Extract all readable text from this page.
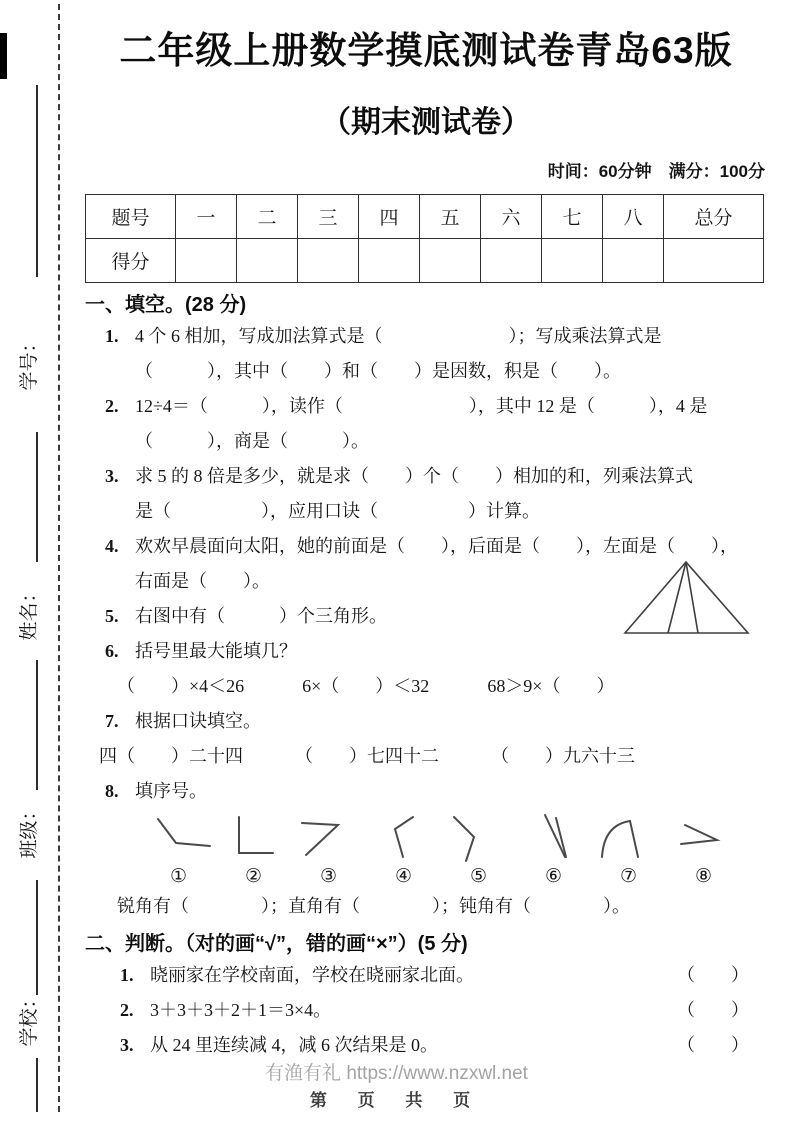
学号：
姓名：
班级：
学校：
二年级上册数学摸底测试卷青岛63版
（期末测试卷）
时间：60分钟　满分：100分
题号	一	二	三	四	五	六	七	八	总分
得分									
一、填空。(28 分)
1. 4 个 6 相加，写成加法算式是（　　　　　　　）；写成乘法算式是
（　　　），其中（　　）和（　　）是因数，积是（　　）。
2. 12÷4＝（　　　），读作（　　　　　　　），其中 12 是（　　　），4 是
（　　　），商是（　　　）。
3. 求 5 的 8 倍是多少，就是求（　　）个（　　）相加的和，列乘法算式
是（　　　　　），应用口诀（　　　　　）计算。
4. 欢欢早晨面向太阳，她的前面是（　　），后面是（　　），左面是（　　），
右面是（　　）。
5. 右图中有（　　　）个三角形。
6. 括号里最大能填几？
（　　）×4＜26	6×（　　）＜32	68＞9×（　　）
7. 根据口诀填空。
四（　　）二十四	（　　）七四十二	（　　）九六十三
8. 填序号。
①	②	③	④	⑤	⑥	⑦	⑧
锐角有（　　　　）；直角有（　　　　）；钝角有（　　　　）。
二、判断。（对的画“√”，错的画“×”）(5 分)
1. 晓丽家在学校南面，学校在晓丽家北面。	（　　）
2. 3＋3＋3＋2＋1＝3×4。	（　　）
3. 从 24 里连续减 4，减 6 次结果是 0。	（　　）
有渔有礼 https://www.nzxwl.net
第 页 共 页
